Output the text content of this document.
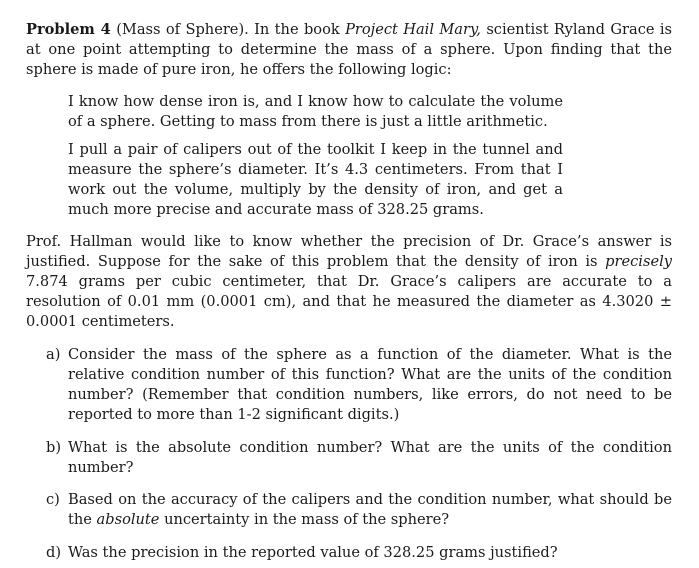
Problem 4 (Mass of Sphere). In the book Project Hail Mary, scientist Ryland Grace is at one point attempting to determine the mass of a sphere. Upon finding that the sphere is made of pure iron, he offers the following logic:

I know how dense iron is, and I know how to calculate the volume of a sphere. Getting to mass from there is just a little arithmetic.

I pull a pair of calipers out of the toolkit I keep in the tunnel and measure the sphere’s diameter. It’s 4.3 centimeters. From that I work out the volume, multiply by the density of iron, and get a much more precise and accurate mass of 328.25 grams.

Prof. Hallman would like to know whether the precision of Dr. Grace’s answer is justified. Suppose for the sake of this problem that the density of iron is precisely 7.874 grams per cubic centimeter, that Dr. Grace’s calipers are accurate to a resolution of 0.01 mm (0.0001 cm), and that he measured the diameter as 4.3020 ± 0.0001 centimeters.

a) Consider the mass of the sphere as a function of the diameter. What is the relative condition number of this function? What are the units of the condition number? (Remember that condition numbers, like errors, do not need to be reported to more than 1-2 significant digits.)
b) What is the absolute condition number? What are the units of the condition number?
c) Based on the accuracy of the calipers and the condition number, what should be the absolute uncertainty in the mass of the sphere?
d) Was the precision in the reported value of 328.25 grams justified?
